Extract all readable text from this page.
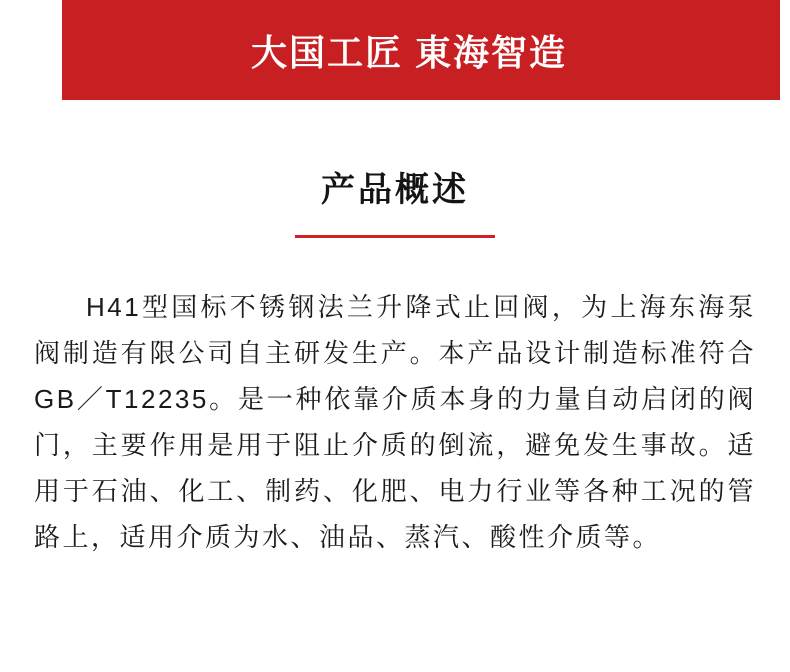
大国工匠 東海智造
产品概述

H41型国标不锈钢法兰升降式止回阀，为上海东海泵阀制造有限公司自主研发生产。本产品设计制造标准符合GB／T12235。是一种依靠介质本身的力量自动启闭的阀门，主要作用是用于阻止介质的倒流，避免发生事故。适用于石油、化工、制药、化肥、电力行业等各种工况的管路上，适用介质为水、油品、蒸汽、酸性介质等。
